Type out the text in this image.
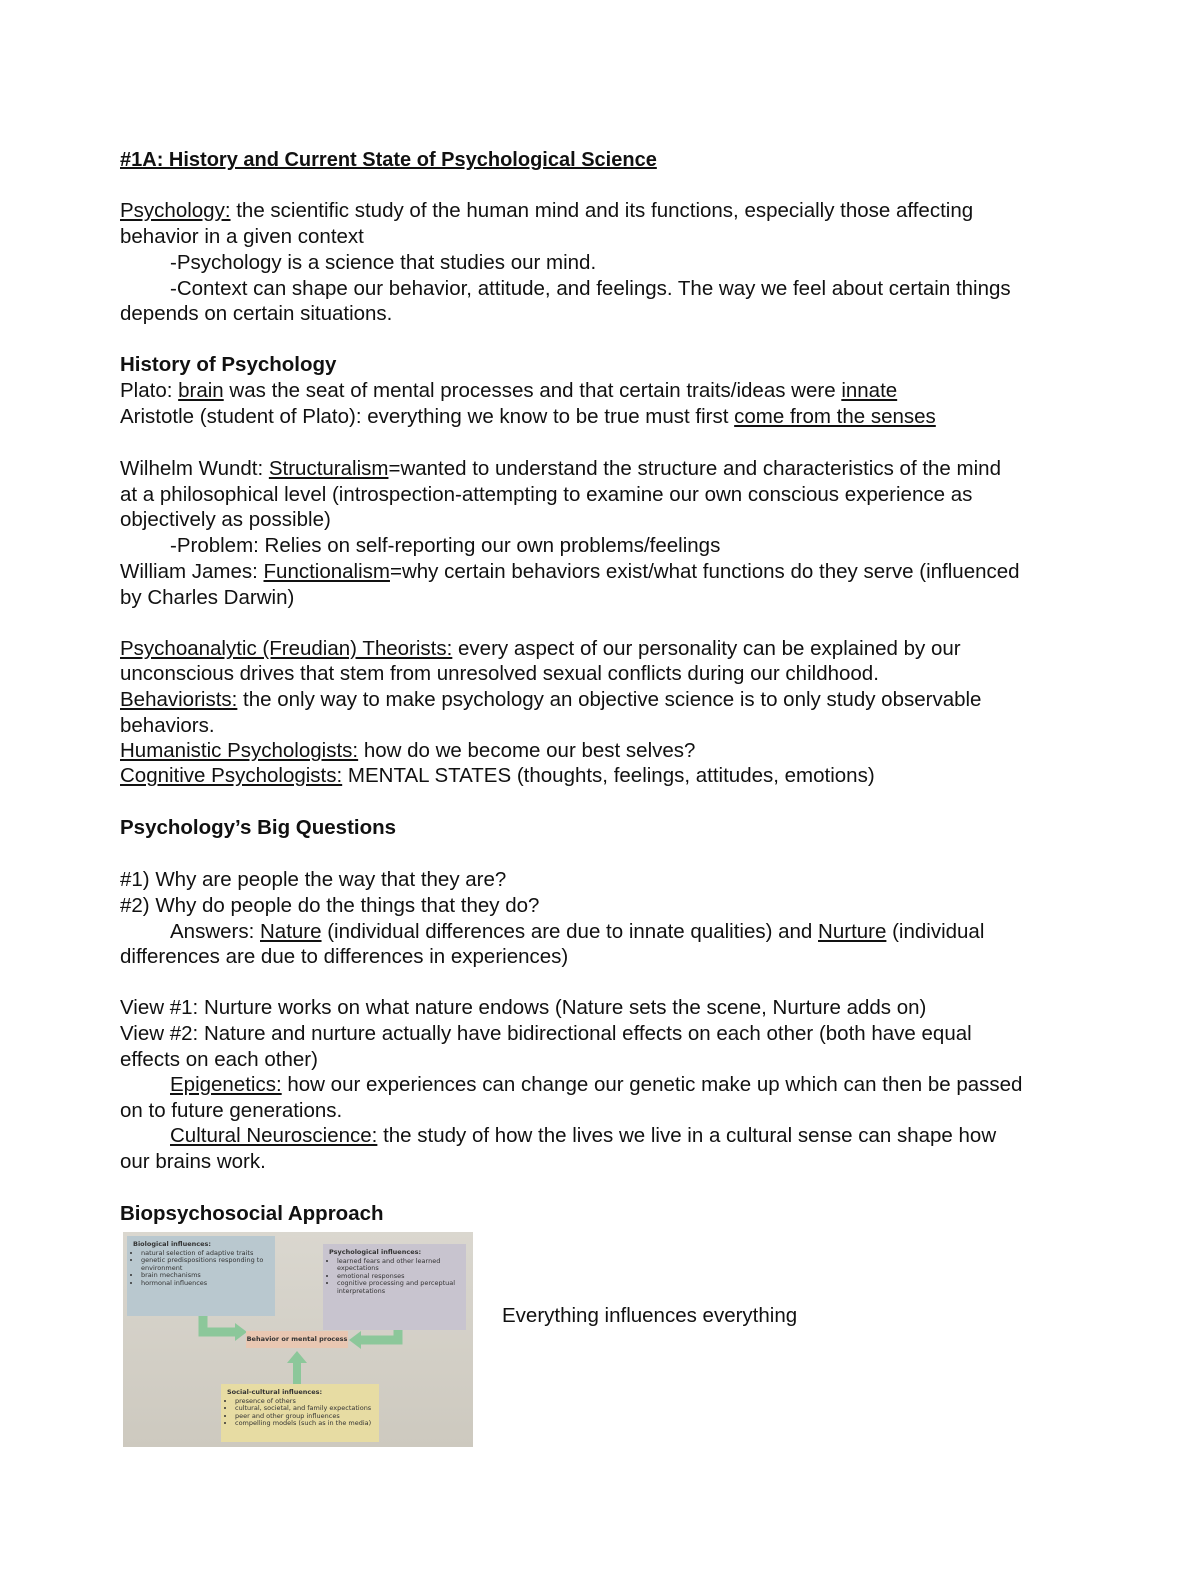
#1A: History and Current State of Psychological Science
Psychology: the scientific study of the human mind and its functions, especially those affecting
behavior in a given context
-Psychology is a science that studies our mind.
-Context can shape our behavior, attitude, and feelings. The way we feel about certain things
depends on certain situations.
History of Psychology
Plato: brain was the seat of mental processes and that certain traits/ideas were innate
Aristotle (student of Plato): everything we know to be true must first come from the senses
Wilhelm Wundt: Structuralism=wanted to understand the structure and characteristics of the mind
at a philosophical level (introspection-attempting to examine our own conscious experience as
objectively as possible)
-Problem: Relies on self-reporting our own problems/feelings
William James: Functionalism=why certain behaviors exist/what functions do they serve (influenced
by Charles Darwin)
Psychoanalytic (Freudian) Theorists: every aspect of our personality can be explained by our
unconscious drives that stem from unresolved sexual conflicts during our childhood.
Behaviorists: the only way to make psychology an objective science is to only study observable
behaviors.
Humanistic Psychologists: how do we become our best selves?
Cognitive Psychologists: MENTAL STATES (thoughts, feelings, attitudes, emotions)
Psychology’s Big Questions
#1) Why are people the way that they are?
#2) Why do people do the things that they do?
Answers: Nature (individual differences are due to innate qualities) and Nurture (individual
differences are due to differences in experiences)
View #1: Nurture works on what nature endows (Nature sets the scene, Nurture adds on)
View #2: Nature and nurture actually have bidirectional effects on each other (both have equal
effects on each other)
Epigenetics: how our experiences can change our genetic make up which can then be passed
on to future generations.
Cultural Neuroscience: the study of how the lives we live in a cultural sense can shape how
our brains work.
Biopsychosocial Approach
Biological influences:
• natural selection of adaptive traits
• genetic predispositions responding to environment
• brain mechanisms
• hormonal influences
Psychological influences:
• learned fears and other learned expectations
• emotional responses
• cognitive processing and perceptual interpretations
Behavior or mental process
Social-cultural influences:
• presence of others
• cultural, societal, and family expectations
• peer and other group influences
• compelling models (such as in the media)
Everything influences everything
